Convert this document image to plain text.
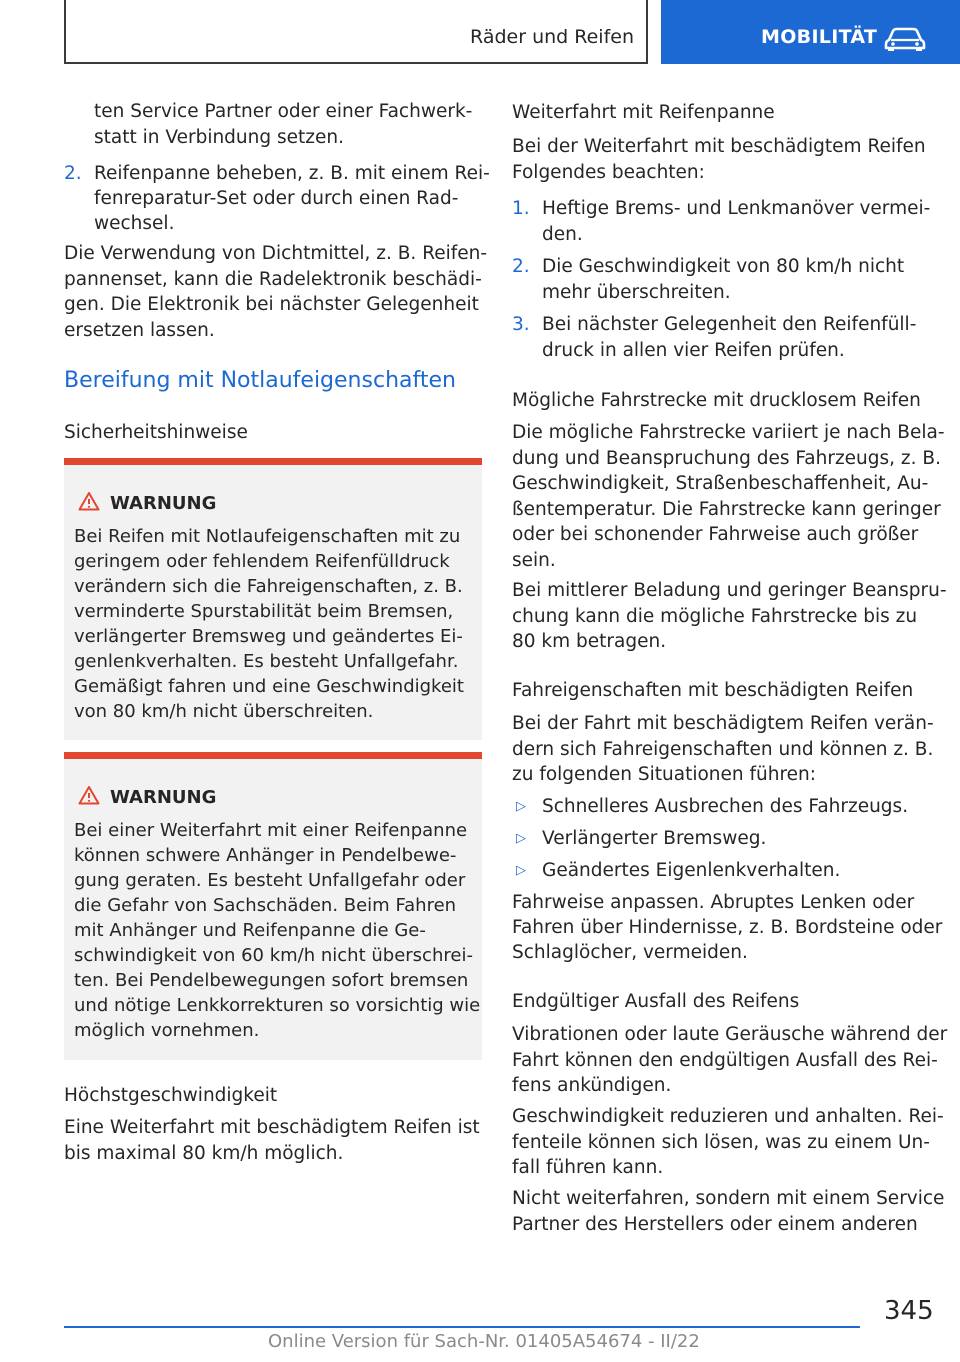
Räder und Reifen	MOBILITÄT
ten Service Partner oder einer Fachwerk-
statt in Verbindung setzen.
2. Reifenpanne beheben, z. B. mit einem Rei-
fenreparatur-Set oder durch einen Rad-
wechsel.
Die Verwendung von Dichtmittel, z. B. Reifen-
pannenset, kann die Radelektronik beschädi-
gen. Die Elektronik bei nächster Gelegenheit
ersetzen lassen.
Bereifung mit Notlaufeigenschaften
Sicherheitshinweise
WARNUNG
Bei Reifen mit Notlaufeigenschaften mit zu
geringem oder fehlendem Reifenfülldruck
verändern sich die Fahreigenschaften, z. B.
verminderte Spurstabilität beim Bremsen,
verlängerter Bremsweg und geändertes Ei-
genlenkverhalten. Es besteht Unfallgefahr.
Gemäßigt fahren und eine Geschwindigkeit
von 80 km/h nicht überschreiten.
WARNUNG
Bei einer Weiterfahrt mit einer Reifenpanne
können schwere Anhänger in Pendelbewe-
gung geraten. Es besteht Unfallgefahr oder
die Gefahr von Sachschäden. Beim Fahren
mit Anhänger und Reifenpanne die Ge-
schwindigkeit von 60 km/h nicht überschrei-
ten. Bei Pendelbewegungen sofort bremsen
und nötige Lenkkorrekturen so vorsichtig wie
möglich vornehmen.
Höchstgeschwindigkeit
Eine Weiterfahrt mit beschädigtem Reifen ist
bis maximal 80 km/h möglich.
Weiterfahrt mit Reifenpanne
Bei der Weiterfahrt mit beschädigtem Reifen
Folgendes beachten:
1. Heftige Brems- und Lenkmanöver vermei-
den.
2. Die Geschwindigkeit von 80 km/h nicht
mehr überschreiten.
3. Bei nächster Gelegenheit den Reifenfüll-
druck in allen vier Reifen prüfen.
Mögliche Fahrstrecke mit drucklosem Reifen
Die mögliche Fahrstrecke variiert je nach Bela-
dung und Beanspruchung des Fahrzeugs, z. B.
Geschwindigkeit, Straßenbeschaffenheit, Au-
ßentemperatur. Die Fahrstrecke kann geringer
oder bei schonender Fahrweise auch größer
sein.
Bei mittlerer Beladung und geringer Beanspru-
chung kann die mögliche Fahrstrecke bis zu
80 km betragen.
Fahreigenschaften mit beschädigten Reifen
Bei der Fahrt mit beschädigtem Reifen verän-
dern sich Fahreigenschaften und können z. B.
zu folgenden Situationen führen:
▷ Schnelleres Ausbrechen des Fahrzeugs.
▷ Verlängerter Bremsweg.
▷ Geändertes Eigenlenkverhalten.
Fahrweise anpassen. Abruptes Lenken oder
Fahren über Hindernisse, z. B. Bordsteine oder
Schlaglöcher, vermeiden.
Endgültiger Ausfall des Reifens
Vibrationen oder laute Geräusche während der
Fahrt können den endgültigen Ausfall des Rei-
fens ankündigen.
Geschwindigkeit reduzieren und anhalten. Rei-
fenteile können sich lösen, was zu einem Un-
fall führen kann.
Nicht weiterfahren, sondern mit einem Service
Partner des Herstellers oder einem anderen
345
Online Version für Sach-Nr. 01405A54674 - II/22
